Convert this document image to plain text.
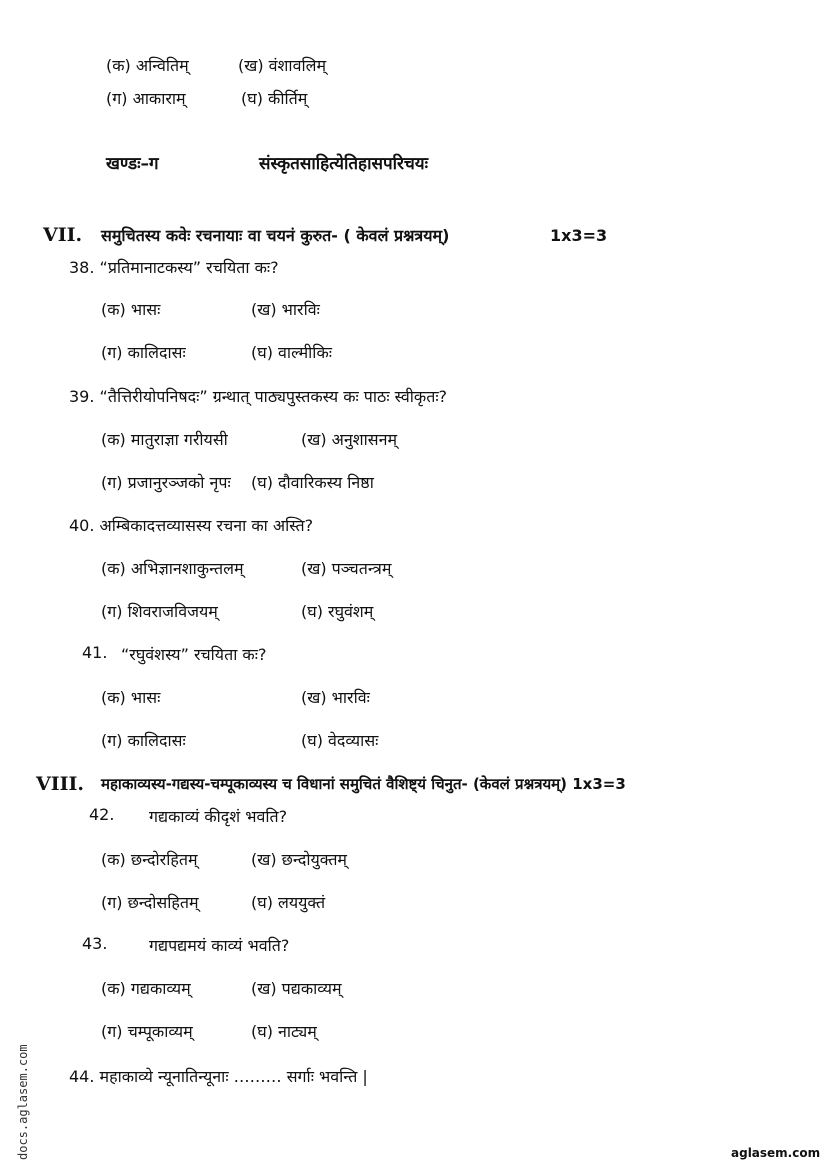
(क) अन्वितिम्	(ख) वंशावलिम्
(ग) आकाराम्	(घ) कीर्तिम्
खण्डः–ग	संस्कृतसाहित्येतिहासपरिचयः
VII. समुचितस्य कवेः रचनायाः वा चयनं कुरुत- ( केवलं प्रश्नत्रयम्)	1x3=3
38. “प्रतिमानाटकस्य” रचयिता कः?
(क) भासः	(ख) भारविः
(ग) कालिदासः	(घ) वाल्मीकिः
39. “तैत्तिरीयोपनिषदः” ग्रन्थात् पाठ्यपुस्तकस्य कः पाठः स्वीकृतः?
(क) मातुराज्ञा गरीयसी	(ख) अनुशासनम्
(ग) प्रजानुरञ्जको नृपः (घ) दौवारिकस्य निष्ठा
40. अम्बिकादत्तव्यासस्य रचना का अस्ति?
(क) अभिज्ञानशाकुन्तलम्	(ख) पञ्चतन्त्रम्
(ग) शिवराजविजयम्	(घ) रघुवंशम्
41. “रघुवंशस्य” रचयिता कः?
(क) भासः	(ख) भारविः
(ग) कालिदासः	(घ) वेदव्यासः
VIII. महाकाव्यस्य-गद्यस्य-चम्पूकाव्यस्य च विधानां समुचितं वैशिष्ट्यं चिनुत- (केवलं प्रश्नत्रयम्) 1x3=3
42. गद्यकाव्यं कीदृशं भवति?
(क) छन्दोरहितम्	(ख) छन्दोयुक्तम्
(ग) छन्दोसहितम्	(घ) लययुक्तं
43.	गद्यपद्यमयं काव्यं भवति?
(क) गद्यकाव्यम्	(ख) पद्यकाव्यम्
(ग) चम्पूकाव्यम्	(घ) नाट्यम्
44. महाकाव्ये न्यूनातिन्यूनाः ……… सर्गाः भवन्ति |
docs.aglasem.com	aglasem.com
